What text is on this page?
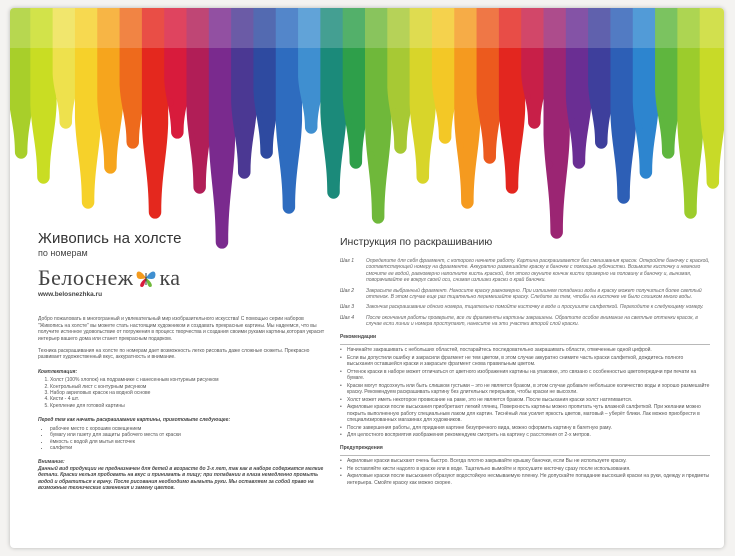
Живопись на холсте
по номерам
Белоснеж ка
www.belosnezhka.ru
Добро пожаловать в многогранный и увлекательный мир изобразительного искусства! С помощью серии наборов "Живопись на холсте" вы можете стать настоящим художником и создавать прекрасные картины. Мы надеемся, что вы получите истинное удовольствие от погружения в процесс творчества и создания своими руками картины,которая украсит интерьер вашего дома или станет прекрасным подарком.
Техника раскрашивания на холсте по номерам дает возможность легко рисовать даже сложные сюжеты. Прекрасно развивает художественный вкус, аккуратность и внимание.
Комплектация:
1. Холст (100% хлопок) на подрамнике с нанесенным контурным рисунком
2. Контрольный лист с контурным рисунком
3. Набор акриловых красок на водной основе
4. Кисти - 4 шт.
5. Крепление для готовой картины
Перед тем как начать раскрашивание картины, приготовьте следующее:
• рабочее место с хорошим освещением
• бумагу или газету для защиты рабочего места от краски
• ёмкость с водой для мытья кисточек
• салфетки
Внимание:
Данный вид продукции не предназначен для детей в возрасте до 3-х лет, так как в наборе содержатся мелкие детали. Краски нельзя пробовать на вкус и принимать в пищу; при попадании в глаза немедленно промыть водой и обратиться к врачу. После рисования необходимо вымыть руки. Мы оставляем за собой право на возможные технические изменения и замену цветов.
Инструкция по раскрашиванию
Шаг 1	Определите для себя фрагмент, с которого начнете работу. Картина раскрашивается без смешивания красок. Откройте баночку с краской, соответствующей номеру на фрагменте. Аккуратно размешайте краску в баночке с помощью зубочистки. Возьмите кисточку и немного смочите ее водой, равномерно наполните кисть краской, для этого окуните кончик кисти примерно на половину в баночку и, вынимая, поворачивайте ее вокруг своей оси, снимая излишки краски о край баночки.
Шаг 2	Закрасьте выбранный фрагмент. Наносите краску равномерно. При излишнем попадании воды в краску может получиться более светлый оттенок. В этом случае еще раз тщательно перемешайте краску. Следите за тем, чтобы на кисточке не было слишком много воды.
Шаг 3	Закончив раскрашивание одного номера, тщательно помойте кисточку в воде и просушите салфеткой. Переходите к следующему номеру.
Шаг 4	После окончания работы проверьте, все ли фрагменты картины закрашены. Обратите особое внимание на светлые оттенки красок, в случае если линии и номера проступают, нанесите на эти участки второй слой краски.
Рекомендации
• Начинайте закрашивать с небольших областей, постарайтесь последовательно закрашивать области, отмеченные одной цифрой.
• Если вы допустили ошибку и закрасили фрагмент не тем цветом, в этом случае аккуратно снимите часть краски салфеткой, дождитесь полного высыхания оставшейся краски и закрасьте фрагмент снова правильным цветом.
• Оттенок краски в наборе может отличаться от цветного изображения картины на упаковке, это связано с особенностью цветопередачи при печати на бумаге.
• Краски могут подсохнуть или быть слишком густыми – это не является браком, в этом случае добавьте небольшое количество воды и хорошо размешайте краску. Рекомендуем раскрашивать картину без длительных перерывов, чтобы краски не высохли.
• Холст может иметь некоторое провисание на раме, это не является браком. После высыхания краски холст натягивается.
• Акриловые краски после высыхания приобретают легкий глянец. Поверхность картины можно пропитать чуть влажной салфеткой. При желании можно покрыть выполненную работу специальным лаком для картин. Тиснёный лак усилит яркость цветов, матовый – уберёт блики. Лак можно приобрести в специализированных магазинах для художников.
• После завершения работы, для придания картине безупречного вида, можно оформить картину в багетную раму.
• Для целостного восприятия изображения рекомендуем смотреть на картину с расстояния от 2-х метров.
Предупреждения
• Акриловые краски высыхают очень быстро. Всегда плотно закрывайте крышку баночки, если Вы не используете краску.
• Не оставляйте кисти надолго в краске или в воде. Тщательно вымойте и просушите кисточку сразу после использования.
• Акриловые краски после высыхания образуют водостойкую несмываемую пленку. Не допускайте попадание высохшей краски на руки, одежду и предметы интерьера. Смойте краску как можно скорее.
